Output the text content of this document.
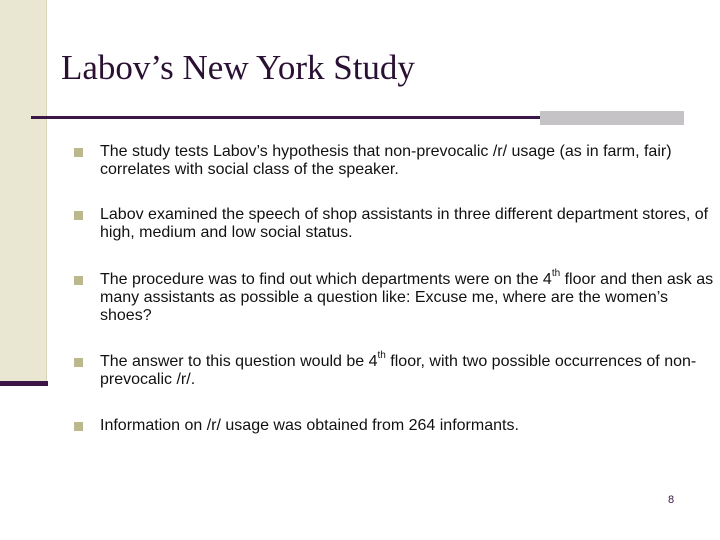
Labov’s New York Study
The study tests Labov’s hypothesis that non-prevocalic /r/ usage (as in farm, fair) correlates with social class of the speaker.
Labov examined the speech of shop assistants in three different department stores, of high, medium and low social status.
The procedure was to find out which departments were on the 4th floor and then ask as many assistants as possible a question like: Excuse me, where are the women’s shoes?
The answer to this question would be 4th floor, with two possible occurrences of non-prevocalic /r/.
Information on /r/ usage was obtained from 264 informants.
8
